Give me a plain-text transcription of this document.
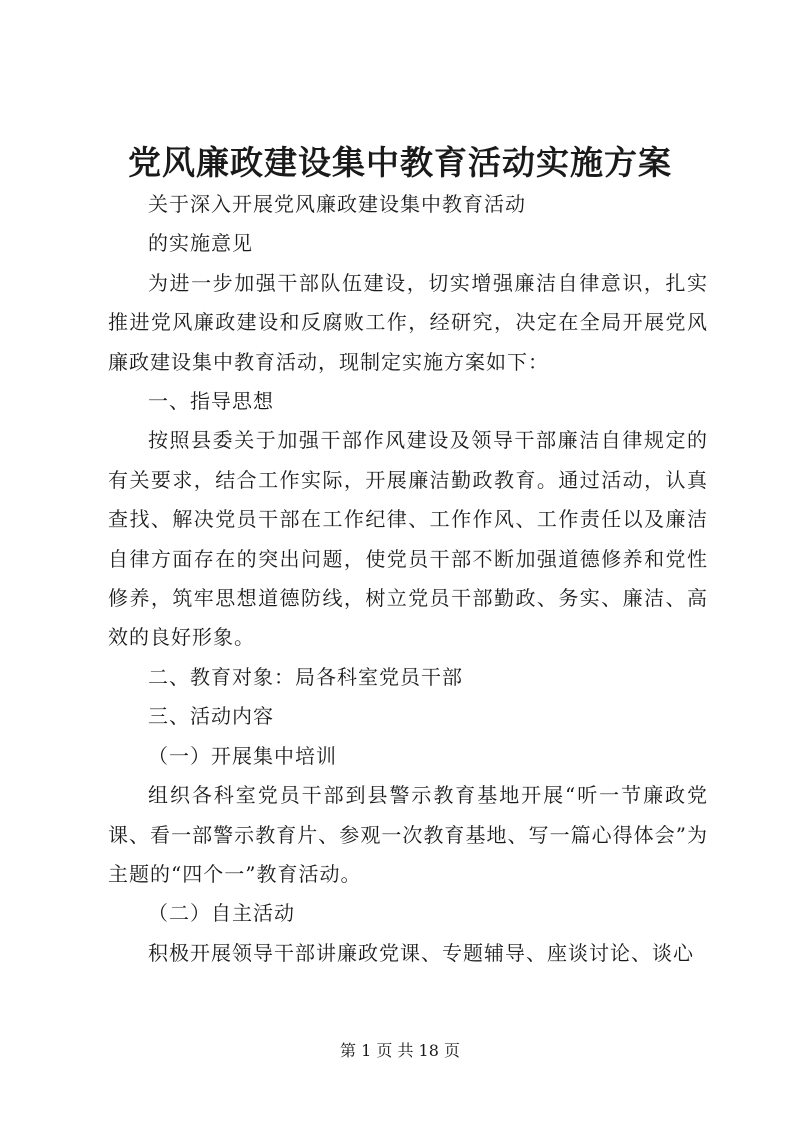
党风廉政建设集中教育活动实施方案

关于深入开展党风廉政建设集中教育活动

的实施意见

为进一步加强干部队伍建设，切实增强廉洁自律意识，扎实推进党风廉政建设和反腐败工作，经研究，决定在全局开展党风廉政建设集中教育活动，现制定实施方案如下：

一、指导思想

按照县委关于加强干部作风建设及领导干部廉洁自律规定的有关要求，结合工作实际，开展廉洁勤政教育。通过活动，认真查找、解决党员干部在工作纪律、工作作风、工作责任以及廉洁自律方面存在的突出问题，使党员干部不断加强道德修养和党性修养，筑牢思想道德防线，树立党员干部勤政、务实、廉洁、高效的良好形象。

二、教育对象：局各科室党员干部

三、活动内容

（一）开展集中培训

组织各科室党员干部到县警示教育基地开展“听一节廉政党课、看一部警示教育片、参观一次教育基地、写一篇心得体会”为主题的“四个一”教育活动。

（二）自主活动

积极开展领导干部讲廉政党课、专题辅导、座谈讨论、谈心

第 1 页 共 18 页
